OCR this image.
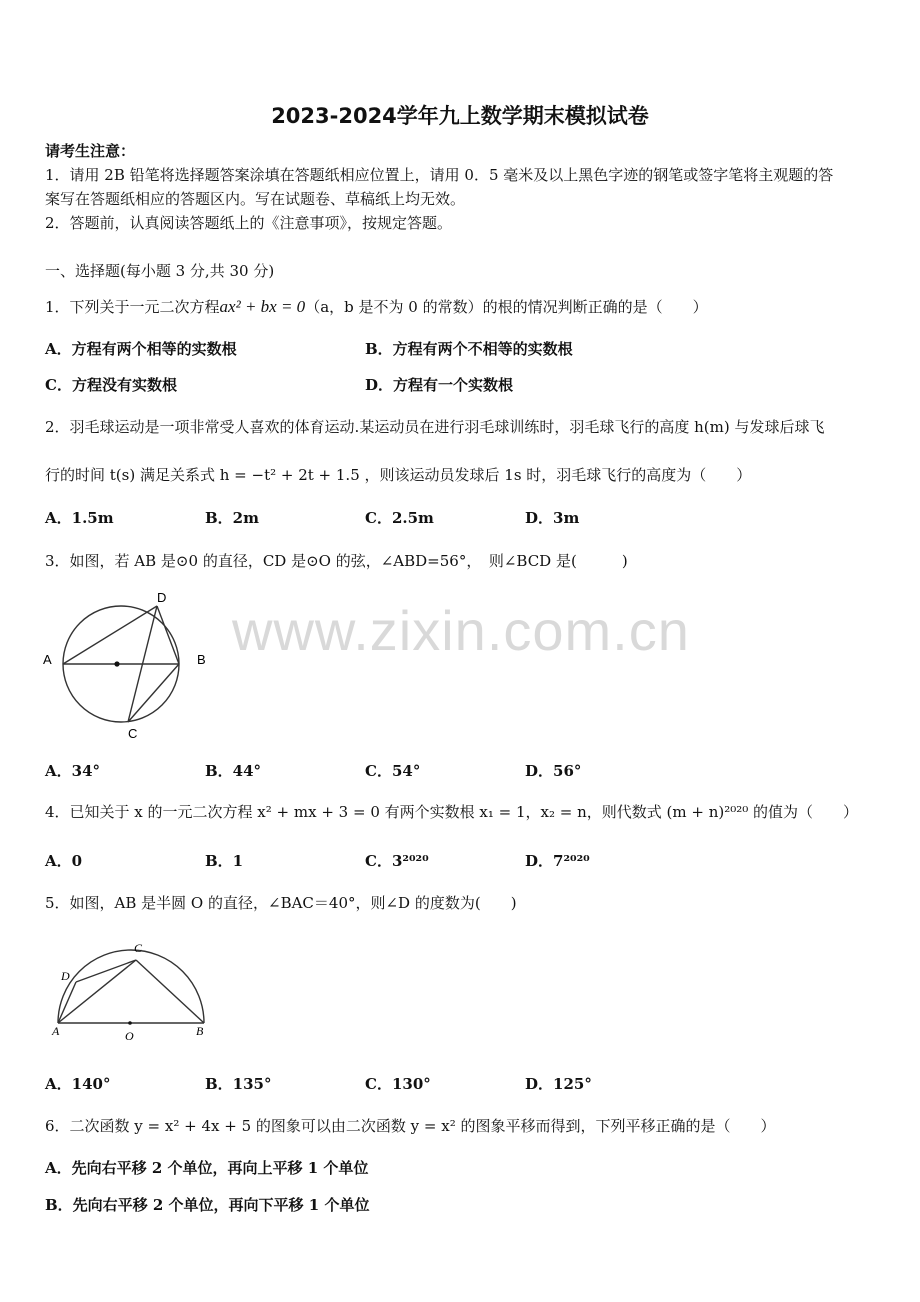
2023-2024学年九上数学期末模拟试卷
请考生注意：
1．请用 2B 铅笔将选择题答案涂填在答题纸相应位置上，请用 0．5 毫米及以上黑色字迹的钢笔或签字笔将主观题的答
案写在答题纸相应的答题区内。写在试题卷、草稿纸上均无效。
2．答题前，认真阅读答题纸上的《注意事项》，按规定答题。
一、选择题(每小题 3 分,共 30 分)
www.zixin.com.cn
1．下列关于一元二次方程ax² + bx = 0（a，b 是不为 0 的常数）的根的情况判断正确的是（　　）
A．方程有两个相等的实数根	B．方程有两个不相等的实数根
C．方程没有实数根	D．方程有一个实数根
2．羽毛球运动是一项非常受人喜欢的体育运动.某运动员在进行羽毛球训练时，羽毛球飞行的高度 h(m) 与发球后球飞
行的时间 t(s) 满足关系式 h = −t² + 2t + 1.5 ，则该运动员发球后 1s 时，羽毛球飞行的高度为（　　）
A．1.5m	B．2m	C．2.5m	D．3m
3．如图，若 AB 是⊙0 的直径，CD 是⊙O 的弦，∠ABD=56°，　则∠BCD 是(　　　)
A	B
D
C
A．34°	B．44°	C．54°	D．56°
4．已知关于 x 的一元二次方程 x² + mx + 3 = 0 有两个实数根 x₁ = 1，x₂ = n，则代数式 (m + n)²⁰²⁰ 的值为（　　）
A．0	B．1	C．3²⁰²⁰	D．7²⁰²⁰
5．如图，AB 是半圆 O 的直径，∠BAC＝40°，则∠D 的度数为(　　)
A	B
C
D
O
A．140°	B．135°	C．130°	D．125°
6．二次函数 y = x² + 4x + 5 的图象可以由二次函数 y = x² 的图象平移而得到，下列平移正确的是（　　）
A．先向右平移 2 个单位，再向上平移 1 个单位
B．先向右平移 2 个单位，再向下平移 1 个单位
